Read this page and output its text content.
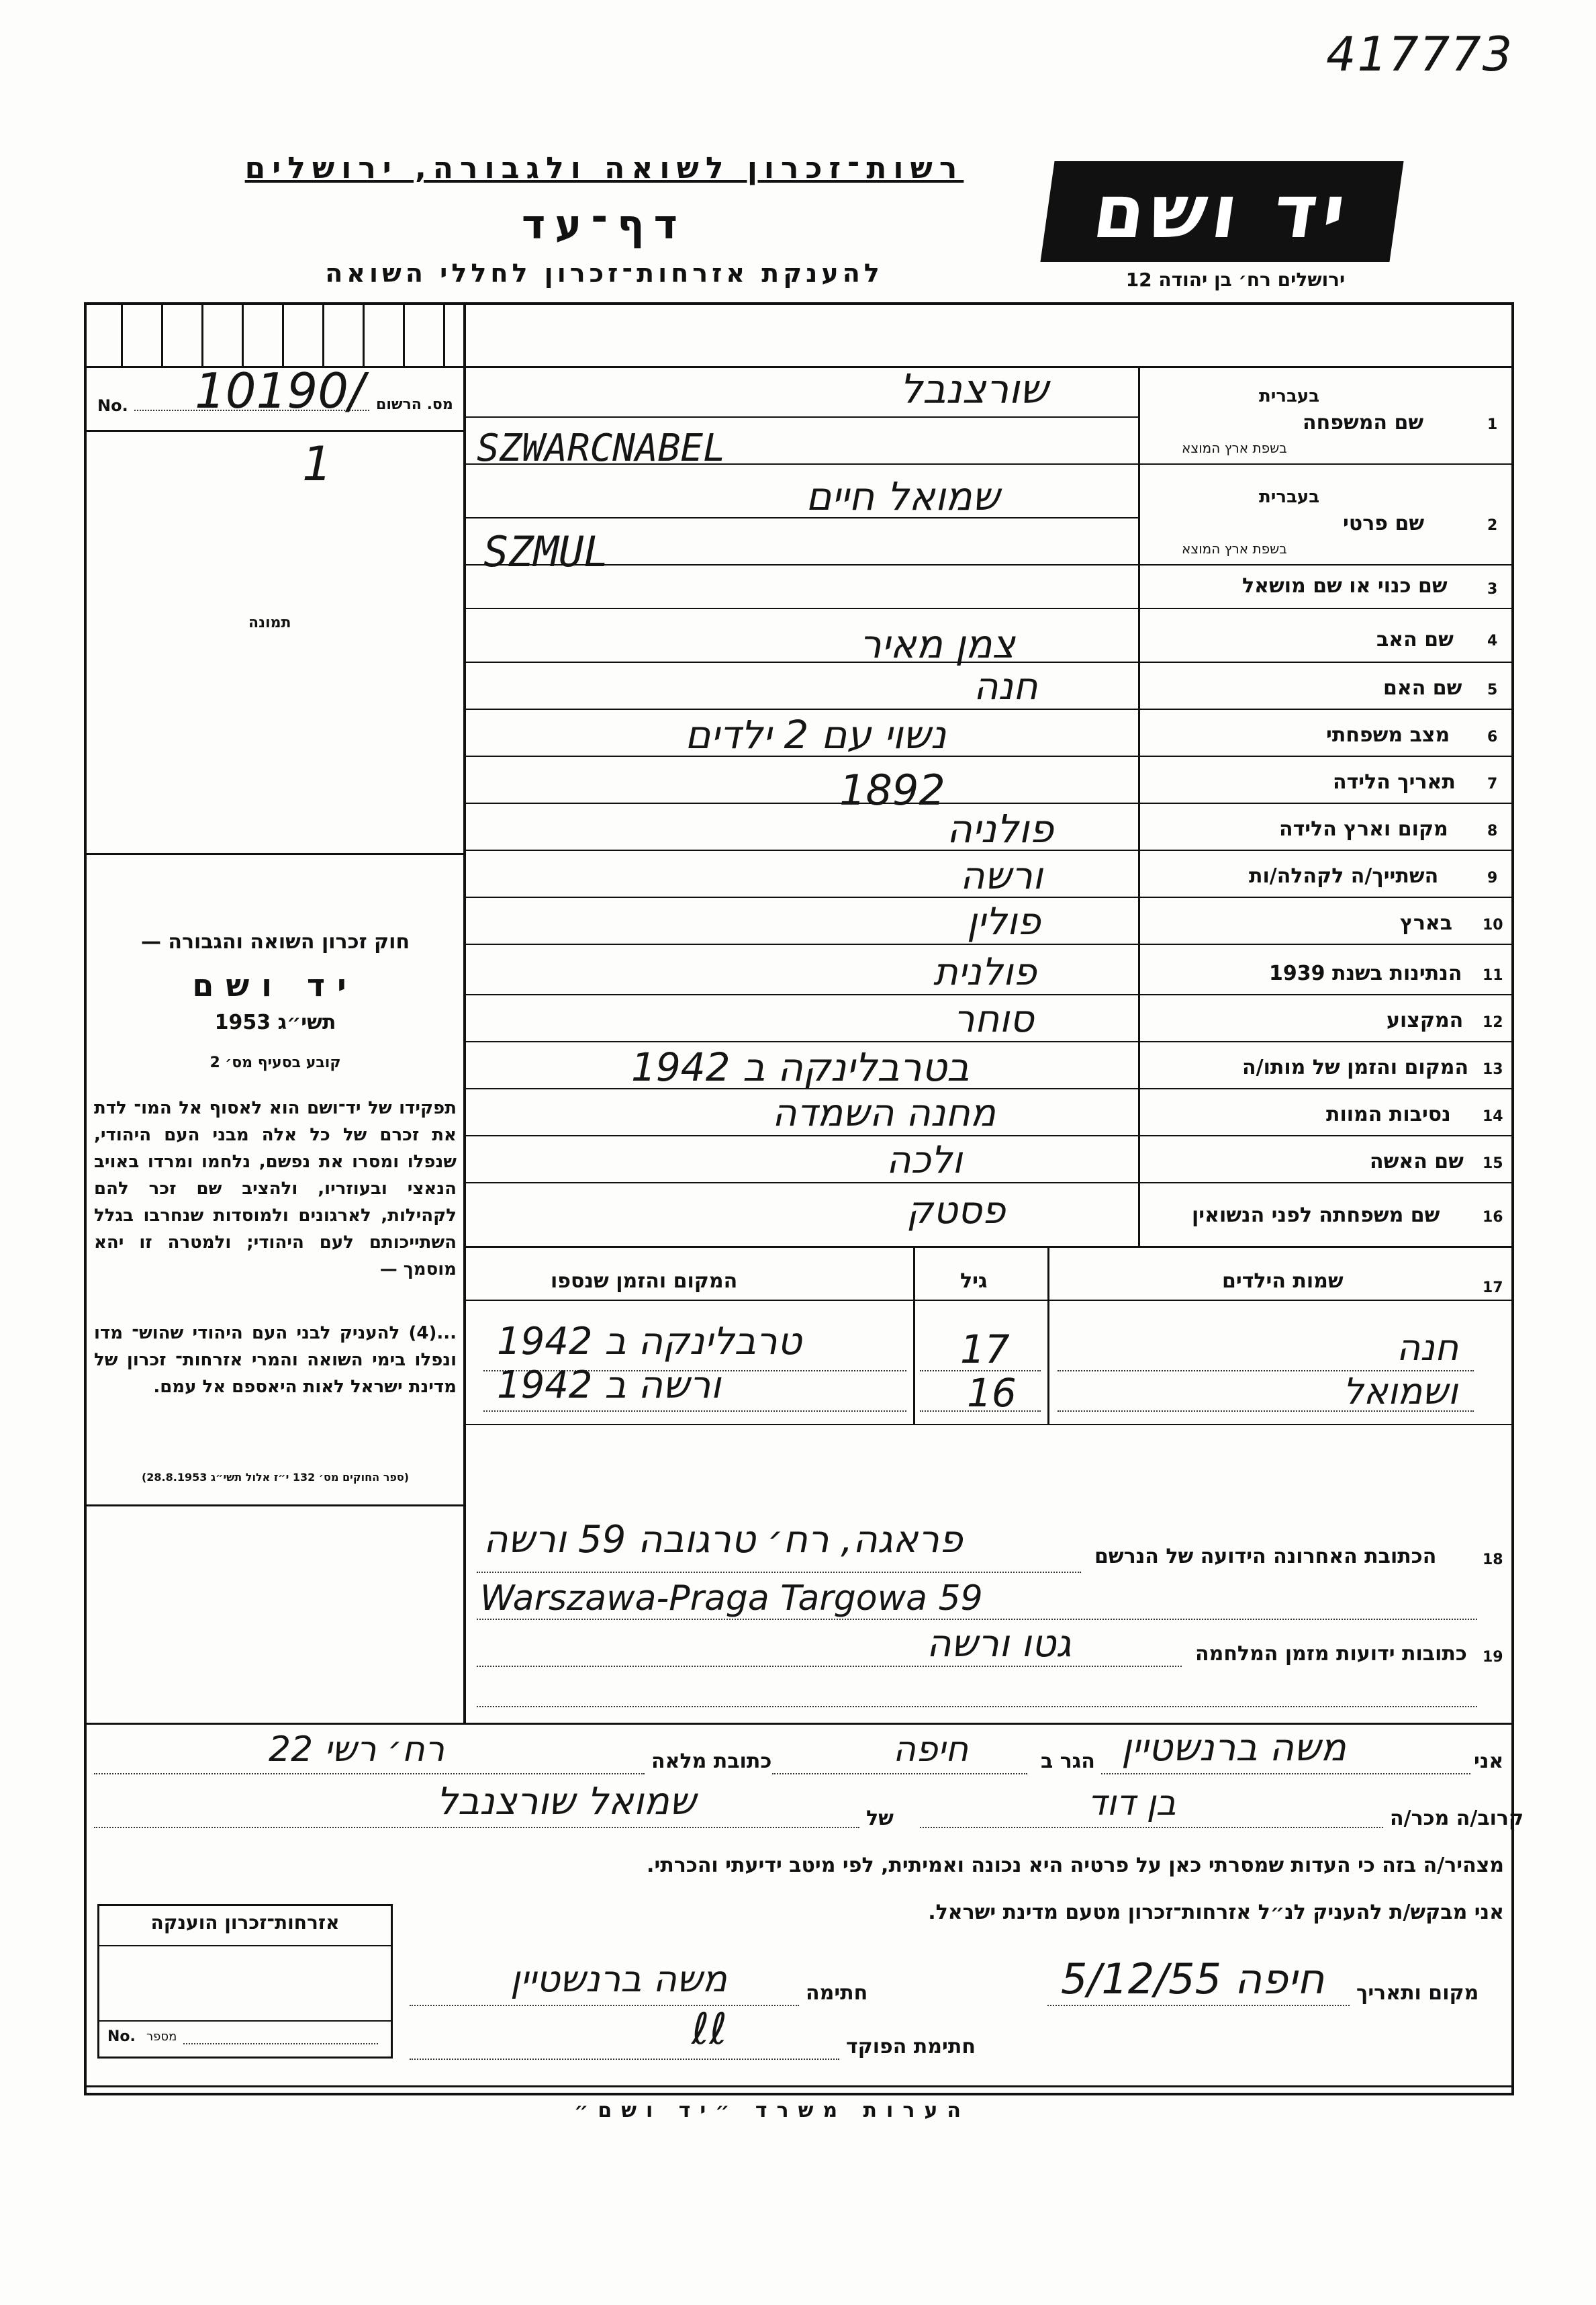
417773
רשות־זכרון לשואה ולגבורה, ירושלים
דף־עד
להענקת אזרחות־זכרון לחללי השואה
יד ושם
ירושלים רח׳ בן יהודה 12
מס. הרשום
No. 10190/
1
תמונה
חוק זכרון השואה והגבורה —
יד ושם
תשי״ג 1953
קובע בסעיף מס׳ 2
תפקידו של יד־ושם הוא לאסוף אל המו־ לדת את זכרם של כל אלה מבני העם היהודי, שנפלו ומסרו את נפשם, נלחמו ומרדו באויב הנאצי ובעוזריו, ולהציב שם זכר להם לקהילות, לארגונים ולמוסדות שנחרבו בגלל השתייכותם לעם היהודי; ולמטרה זו יהא מוסמך —
...(4) להעניק לבני העם היהודי שהוש־ מדו ונפלו בימי השואה והמרי אזרחות־ זכרון של מדינת ישראל לאות היאספם אל עמם.
(ספר החוקים מס׳ 132 י״ז אלול תשי״ג 28.8.1953)
1
שם המשפחה
בעברית
בשפת ארץ המוצא
שורצנבל
SZWARCNABEL
2
שם פרטי
בעברית
בשפת ארץ המוצא
שמואל חיים
SZMUL
3
שם כנוי או שם מושאל
4
שם האב
צמן מאיר
5
שם האם
חנה
6
מצב משפחתי
נשוי עם 2 ילדים
7
תאריך הלידה
1892
8
מקום וארץ הלידה
פולניה
9
השתייך/ה לקהלה/ות
ורשה
10
בארץ
פולין
11
הנתינות בשנת 1939
פולנית
12
המקצוע
סוחר
13
המקום והזמן של מותו/ה
בטרבלינקה ב 1942
14
נסיבות המוות
מחנה השמדה
15
שם האשה
ולכה
16
שם משפחתה לפני הנשואין
פסטק
17
שמות הילדים
גיל
המקום והזמן שנספו
חנה
17
טרבלינקה ב 1942
ושמואל
16
ורשה ב 1942
18
הכתובת האחרונה הידועה של הנרשם
פראגה, רח׳ טרגובה 59 ורשה
Warszawa-Praga Targowa 59
19
כתובות ידועות מזמן המלחמה
גטו ורשה
אני
משה ברנשטיין
הגר ב
חיפה
כתובת מלאה
רח׳ רשי 22
קרוב/ה מכר/ה
בן דוד
של
שמואל שורצנבל
מצהיר/ה בזה כי העדות שמסרתי כאן על פרטיה היא נכונה ואמיתית, לפי מיטב ידיעתי והכרתי.
אני מבקש/ת להעניק לנ״ל אזרחות־זכרון מטעם מדינת ישראל.
מקום ותאריך
חיפה 5/12/55
חתימה
משה ברנשטיין
ℓℓ	חתימת הפוקד
אזרחות־זכרון הוענקה
No. מספר
הערות משרד ״יד ושם״
